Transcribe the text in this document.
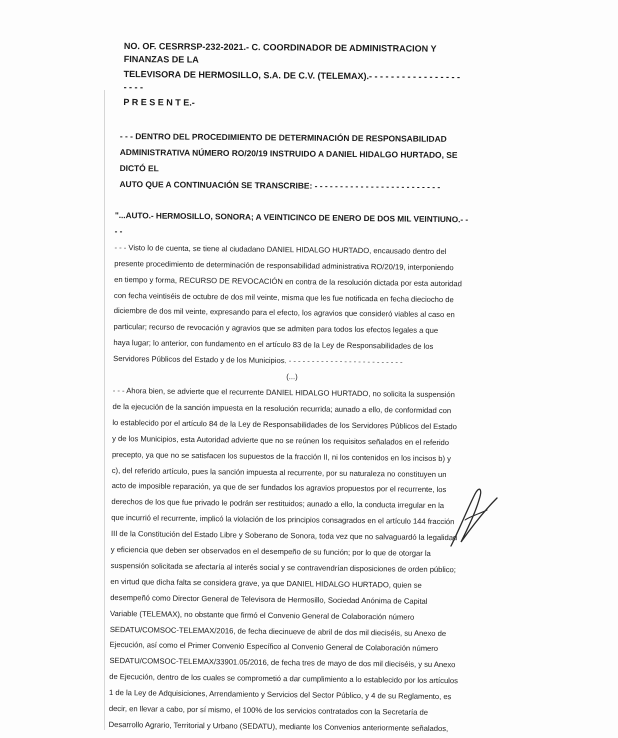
NO. OF. CESRRSP-232-2021.- C. COORDINADOR DE ADMINISTRACION Y FINANZAS DE LA

TELEVISORA DE HERMOSILLO, S.A. DE C.V. (TELEMAX).- - - - - - - - - - - - - - - - - - - - -

P R E S E N T E.-

- - - DENTRO DEL PROCEDIMIENTO DE DETERMINACIÓN DE RESPONSABILIDAD

ADMINISTRATIVA NÚMERO RO/20/19 INSTRUIDO A DANIEL HIDALGO HURTADO, SE DICTÓ EL

AUTO QUE A CONTINUACIÓN SE TRANSCRIBE: - - - - - - - - - - - - - - - - - - - - - - - - -

"...AUTO.- HERMOSILLO, SONORA; A VEINTICINCO DE ENERO DE DOS MIL VEINTIUNO.- - - -

- - - Visto lo de cuenta, se tiene al ciudadano DANIEL HIDALGO HURTADO, encausado dentro del

presente procedimiento de determinación de responsabilidad administrativa RO/20/19, interponiendo

en tiempo y forma, RECURSO DE REVOCACIÓN en contra de la resolución dictada por esta autoridad

con fecha veintiséis de octubre de dos mil veinte, misma que les fue notificada en fecha dieciocho de

diciembre de dos mil veinte, expresando para el efecto, los agravios que consideró viables al caso en

particular; recurso de revocación y agravios que se admiten para todos los efectos legales a que

haya lugar; lo anterior, con fundamento en el artículo 83 de la Ley de Responsabilidades de los

Servidores Públicos del Estado y de los Municipios. - - - - - - - - - - - - - - - - - - - - - - - - -

(...)

- - - Ahora bien, se advierte que el recurrente DANIEL HIDALGO HURTADO, no solicita la suspensión

de la ejecución de la sanción impuesta en la resolución recurrida; aunado a ello, de conformidad con

lo establecido por el artículo 84 de la Ley de Responsabilidades de los Servidores Públicos del Estado

y de los Municipios, esta Autoridad advierte que no se reúnen los requisitos señalados en el referido

precepto, ya que no se satisfacen los supuestos de la fracción II, ni los contenidos en los incisos b) y

c), del referido artículo, pues la sanción impuesta al recurrente, por su naturaleza no constituyen un

acto de imposible reparación, ya que de ser fundados los agravios propuestos por el recurrente, los

derechos de los que fue privado le podrán ser restituidos; aunado a ello, la conducta irregular en la

que incurrió el recurrente, implicó la violación de los principios consagrados en el artículo 144 fracción

III de la Constitución del Estado Libre y Soberano de Sonora, toda vez que no salvaguardó la legalidad

y eficiencia que deben ser observados en el desempeño de su función; por lo que de otorgar la

suspensión solicitada se afectaría al interés social y se contravendrían disposiciones de orden público;

en virtud que dicha falta se considera grave, ya que DANIEL HIDALGO HURTADO, quien se

desempeñó como Director General de Televisora de Hermosillo, Sociedad Anónima de Capital

Variable (TELEMAX), no obstante que firmó el Convenio General de Colaboración número

SEDATU/COMSOC-TELEMAX/2016, de fecha diecinueve de abril de dos mil dieciséis, su Anexo de

Ejecución, así como el Primer Convenio Específico al Convenio General de Colaboración número

SEDATU/COMSOC-TELEMAX/33901.05/2016, de fecha tres de mayo de dos mil dieciséis, y su Anexo

de Ejecución, dentro de los cuales se comprometió a dar cumplimiento a lo establecido por los artículos

1 de la Ley de Adquisiciones, Arrendamiento y Servicios del Sector Público, y 4 de su Reglamento, es

decir, en llevar a cabo, por sí mismo, el 100% de los servicios contratados con la Secretaría de

Desarrollo Agrario, Territorial y Urbano (SEDATU), mediante los Convenios anteriormente señalados,
